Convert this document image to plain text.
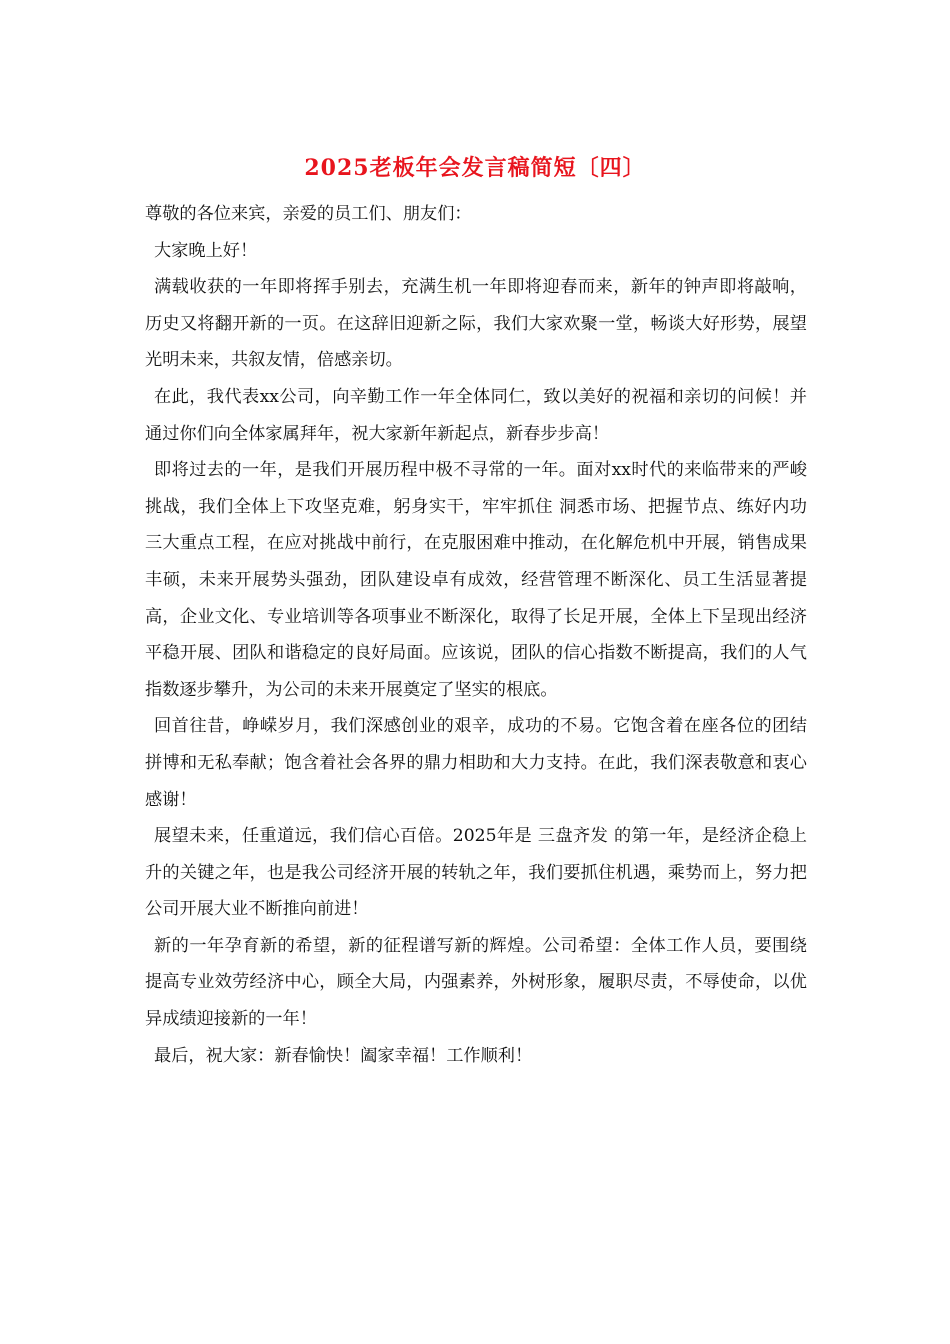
2025老板年会发言稿简短〔四〕

尊敬的各位来宾，亲爱的员工们、朋友们：

大家晚上好！

满载收获的一年即将挥手别去，充满生机一年即将迎春而来，新年的钟声即将敲响，历史又将翻开新的一页。在这辞旧迎新之际，我们大家欢聚一堂，畅谈大好形势，展望光明未来，共叙友情，倍感亲切。

在此，我代表xx公司，向辛勤工作一年全体同仁，致以美好的祝福和亲切的问候！并通过你们向全体家属拜年，祝大家新年新起点，新春步步高！

即将过去的一年，是我们开展历程中极不寻常的一年。面对xx时代的来临带来的严峻挑战，我们全体上下攻坚克难，躬身实干，牢牢抓住 洞悉市场、把握节点、练好内功 三大重点工程，在应对挑战中前行，在克服困难中推动，在化解危机中开展，销售成果丰硕，未来开展势头强劲，团队建设卓有成效，经营管理不断深化、员工生活显著提高，企业文化、专业培训等各项事业不断深化，取得了长足开展，全体上下呈现出经济平稳开展、团队和谐稳定的良好局面。应该说，团队的信心指数不断提高，我们的人气指数逐步攀升，为公司的未来开展奠定了坚实的根底。

回首往昔，峥嵘岁月，我们深感创业的艰辛，成功的不易。它饱含着在座各位的团结拼博和无私奉献；饱含着社会各界的鼎力相助和大力支持。在此，我们深表敬意和衷心感谢！

展望未来，任重道远，我们信心百倍。2025年是 三盘齐发 的第一年，是经济企稳上升的关键之年，也是我公司经济开展的转轨之年，我们要抓住机遇，乘势而上，努力把公司开展大业不断推向前进！

新的一年孕育新的希望，新的征程谱写新的辉煌。公司希望：全体工作人员，要围绕提高专业效劳经济中心，顾全大局，内强素养，外树形象，履职尽责，不辱使命，以优异成绩迎接新的一年！

最后，祝大家：新春愉快！阖家幸福！工作顺利！
